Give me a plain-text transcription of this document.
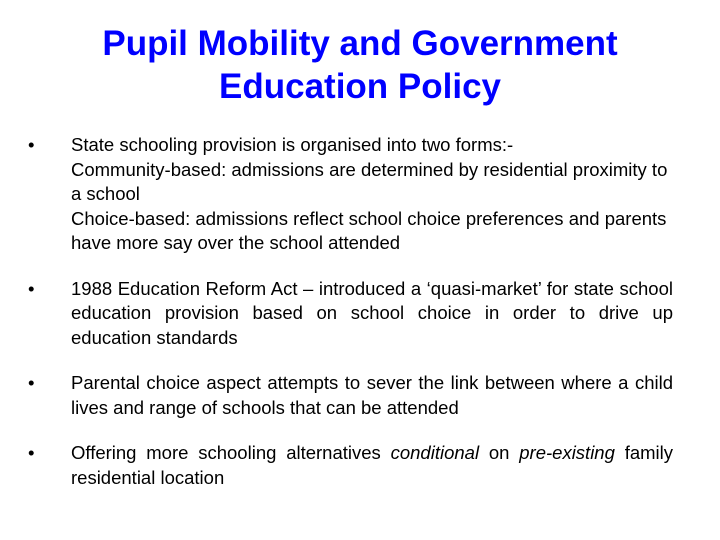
Pupil Mobility and Government
Education Policy
•	State schooling provision is organised into two forms:-

Community-based: admissions are determined by residential proximity to a school

Choice-based: admissions reflect school choice preferences and parents have more say over the school attended

•	1988 Education Reform Act – introduced a ‘quasi-market’ for state school education provision based on school choice in order to drive up education standards

•	Parental choice aspect attempts to sever the link between where a child lives and range of schools that can be attended

•	Offering more schooling alternatives conditional on pre-existing family residential location
